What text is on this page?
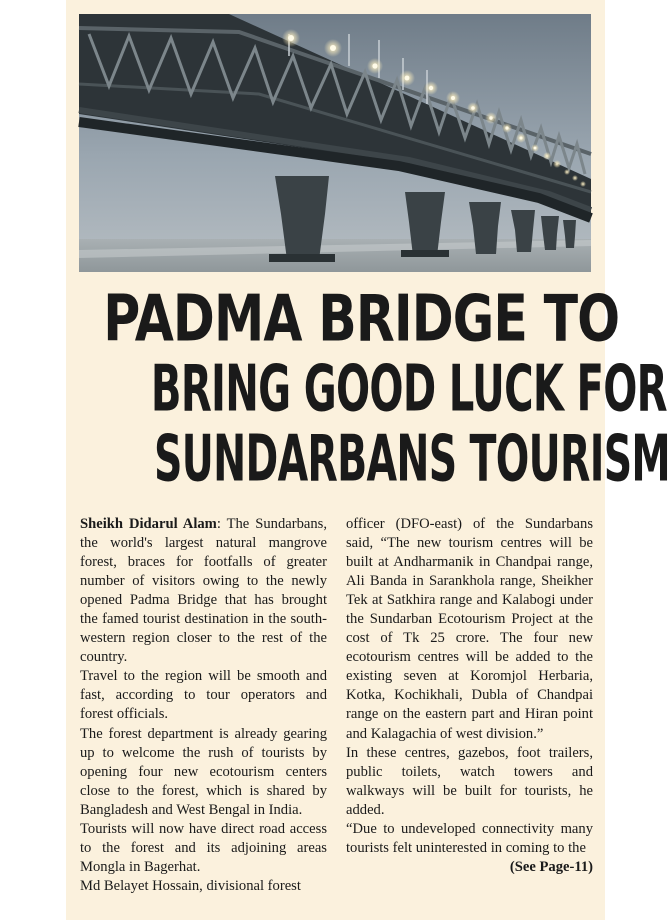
PADMA BRIDGE TO
BRING GOOD LUCK FOR
SUNDARBANS TOURISM

Sheikh Didarul Alam: The Sundarbans, the world's largest natural mangrove forest, braces for footfalls of greater number of visitors owing to the newly opened Padma Bridge that has brought the famed tourist destination in the southwestern region closer to the rest of the country.

Travel to the region will be smooth and fast, according to tour operators and forest officials.

The forest department is already gearing up to welcome the rush of tourists by opening four new ecotourism centers close to the forest, which is shared by Bangladesh and West Bengal in India.

Tourists will now have direct road access to the forest and its adjoining areas Mongla in Bagerhat.

Md Belayet Hossain, divisional forest

officer (DFO-east) of the Sundarbans said, “The new tourism centres will be built at Andharmanik in Chandpai range, Ali Banda in Sarankhola range, Sheikher Tek at Satkhira range and Kalabogi under the Sundarban Ecotourism Project at the cost of Tk 25 crore. The four new ecotourism centres will be added to the existing seven at Koromjol Herbaria, Kotka, Kochikhali, Dubla of Chandpai range on the eastern part and Hiran point and Kalagachia of west division.”

In these centres, gazebos, foot trailers, public toilets, watch towers and walkways will be built for tourists, he added.

“Due to undeveloped connectivity many tourists felt uninterested in coming to the
(See Page-11)
